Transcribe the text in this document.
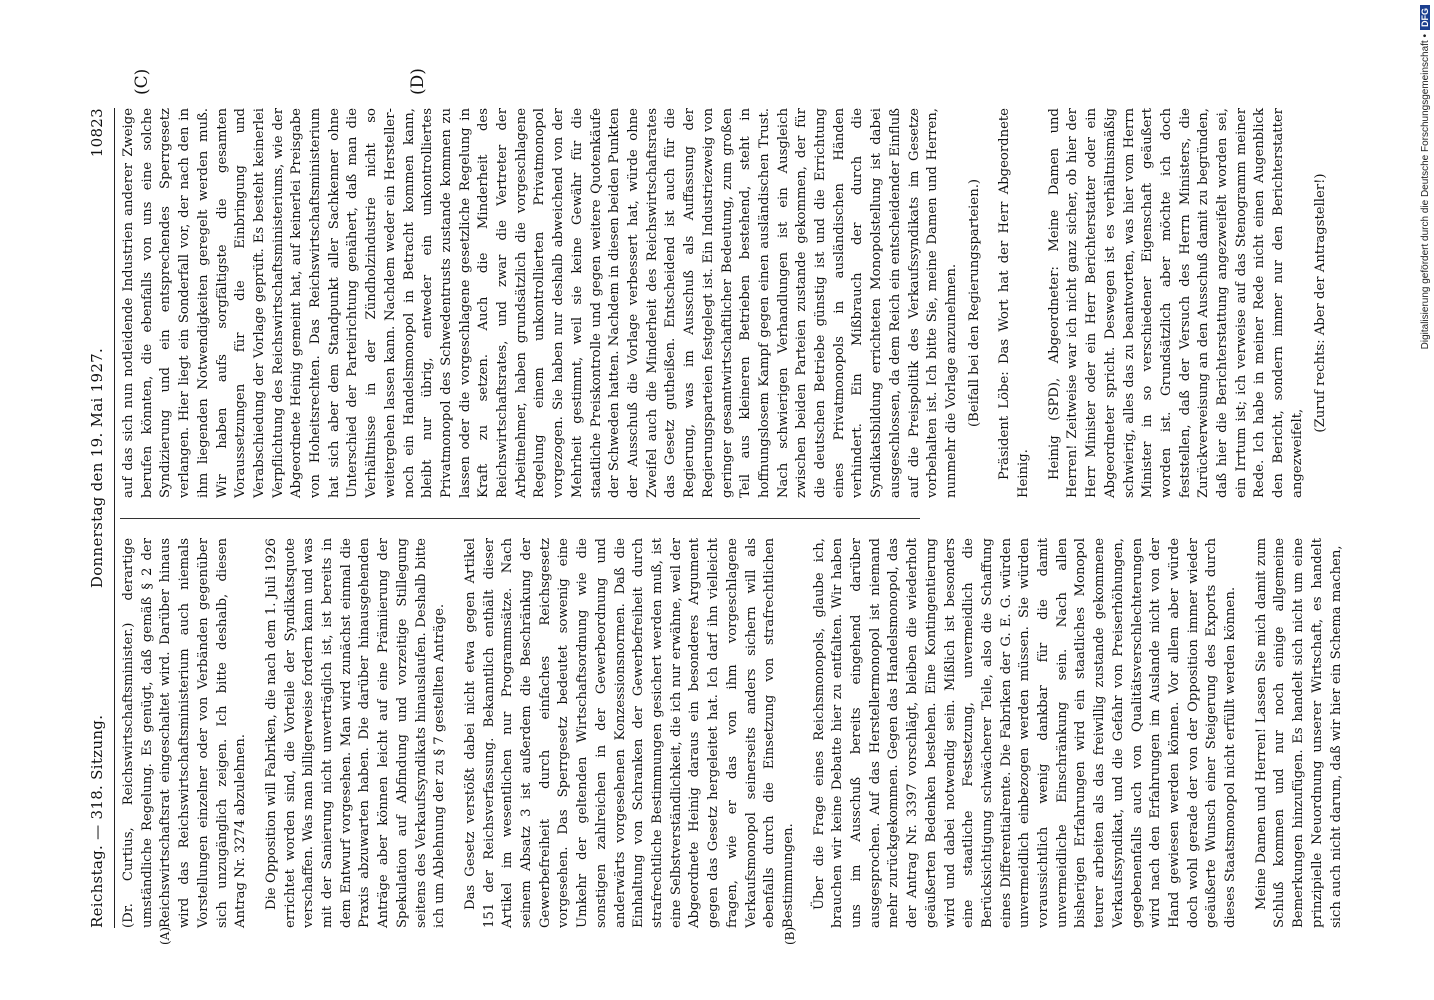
Reichstag. — 318. Sitzung.
Donnerstag den 19. Mai 1927.
10823
(A)	(B)
(C)	(D)

(Dr. Curtius, Reichswirtschaftsminister.) derartige umständliche Regelung. Es genügt, daß gemäß § 2 der Reichswirtschaftsrat eingeschaltet wird. Darüber hinaus wird das Reichswirtschaftsministerium auch niemals Vorstellungen einzelner oder von Verbänden gegenüber sich unzugänglich zeigen. Ich bitte deshalb, diesen Antrag Nr. 3274 abzulehnen. Die Opposition will Fabriken, die nach dem 1. Juli 1926 errichtet worden sind, die Vorteile der Syndikatsquote verschaffen. Was man billigerweise fordern kann und was mit der Sanierung nicht unverträglich ist, ist bereits in dem Entwurf vorgesehen. Man wird zunächst einmal die Praxis abzuwarten haben. Die darüber hinausgehenden Anträge aber können leicht auf eine Prämiierung der Spekulation auf Abfindung und vorzeitige Stillegung seitens des Verkaufssyndikats hinauslaufen. Deshalb bitte ich um Ablehnung der zu § 7 gestellten Anträge. Das Gesetz verstößt dabei nicht etwa gegen Artikel 151 der Reichsverfassung. Bekanntlich enthält dieser Artikel im wesentlichen nur Programmsätze. Nach seinem Absatz 3 ist außerdem die Beschränkung der Gewerbefreiheit durch einfaches Reichsgesetz vorgesehen. Das Sperrgesetz bedeutet sowenig eine Umkehr der geltenden Wirtschaftsordnung wie die sonstigen zahlreichen in der Gewerbeordnung und anderwärts vorgesehenen Konzessionsnormen. Daß die Einhaltung von Schranken der Gewerbefreiheit durch strafrechtliche Bestimmungen gesichert werden muß, ist eine Selbstverständlichkeit, die ich nur erwähne, weil der Abgeordnete Heinig daraus ein besonderes Argument gegen das Gesetz hergeleitet hat. Ich darf ihn vielleicht fragen, wie er das von ihm vorgeschlagene Verkaufsmonopol seinerseits anders sichern will als ebenfalls durch die Einsetzung von strafrechtlichen Bestimmungen. Über die Frage eines Reichsmonopols, glaube ich, brauchen wir keine Debatte hier zu entfalten. Wir haben uns im Ausschuß bereits eingehend darüber ausgesprochen. Auf das Herstellermonopol ist niemand mehr zurückgekommen. Gegen das Handelsmonopol, das der Antrag Nr. 3397 vorschlägt, bleiben die wiederholt geäußerten Bedenken bestehen. Eine Kontingentierung wird und dabei notwendig sein. Mißlich ist besonders eine staatliche Festsetzung, unvermeidlich die Berücksichtigung schwächerer Teile, also die Schaffung eines Differentialrente. Die Fabriken der G. E. G. würden unvermeidlich einbezogen werden müssen. Sie würden voraussichtlich wenig dankbar für die damit unvermeidliche Einschränkung sein. Nach allen bisherigen Erfahrungen wird ein staatliches Monopol teurer arbeiten als das freiwillig zustande gekommene Verkaufssyndikat, und die Gefahr von Preiserhöhungen, gegebenenfalls auch von Qualitätsverschlechterungen wird nach den Erfahrungen im Auslande nicht von der Hand gewiesen werden können. Vor allem aber würde doch wohl gerade der von der Opposition immer wieder geäußerte Wunsch einer Steigerung des Exports durch dieses Staatsmonopol nicht erfüllt werden können. Meine Damen und Herren! Lassen Sie mich damit zum Schluß kommen und nur noch einige allgemeine Bemerkungen hinzufügen. Es handelt sich nicht um eine prinzipielle Neuordnung unserer Wirtschaft, es handelt sich auch nicht darum, daß wir hier ein Schema machen,

auf das sich nun notleidende Industrien anderer Zweige berufen könnten, die ebenfalls von uns eine solche Syndizierung und ein entsprechendes Sperrgesetz verlangen. Hier liegt ein Sonderfall vor, der nach den in ihm liegenden Notwendigkeiten geregelt werden muß. Wir haben aufs sorgfältigste die gesamten Voraussetzungen für die Einbringung und Verabschiedung der Vorlage geprüft. Es besteht keinerlei Verpflichtung des Reichswirtschaftsministeriums, wie der Abgeordnete Heinig gemeint hat, auf keinerlei Preisgabe von Hoheitsrechten. Das Reichswirtschaftsministerium hat sich aber dem Standpunkt aller Sachkenner ohne Unterschied der Parteirichtung genähert, daß man die Verhältnisse in der Zündholzindustrie nicht so weitergehen lassen kann. Nachdem weder ein Hersteller- noch ein Handelsmonopol in Betracht kommen kann, bleibt nur übrig, entweder ein unkontrolliertes Privatmonopol des Schwedentrusts zustande kommen zu lassen oder die vorgeschlagene gesetzliche Regelung in Kraft zu setzen. Auch die Minderheit des Reichswirtschaftsrates, und zwar die Vertreter der Arbeitnehmer, haben grundsätzlich die vorgeschlagene Regelung einem unkontrollierten Privatmonopol vorgezogen. Sie haben nur deshalb abweichend von der Mehrheit gestimmt, weil sie keine Gewähr für die staatliche Preiskontrolle und gegen weitere Quotenkäufe der Schweden hatten. Nachdem in diesen beiden Punkten der Ausschuß die Vorlage verbessert hat, würde ohne Zweifel auch die Minderheit des Reichswirtschaftsrates das Gesetz gutheißen. Entscheidend ist auch für die Regierung, was im Ausschuß als Auffassung der Regierungsparteien festgelegt ist. Ein Industriezweig von geringer gesamtwirtschaftlicher Bedeutung, zum großen Teil aus kleineren Betrieben bestehend, steht in hoffnungslosem Kampf gegen einen ausländischen Trust. Nach schwierigen Verhandlungen ist ein Ausgleich zwischen beiden Parteien zustande gekommen, der für die deutschen Betriebe günstig ist und die Errichtung eines Privatmonopols in ausländischen Händen verhindert. Ein Mißbrauch der durch die Syndikatsbildung errichteten Monopolstellung ist dabei ausgeschlossen, da dem Reich ein entscheidender Einfluß auf die Preispolitik des Verkaufssyndikats im Gesetze vorbehalten ist. Ich bitte Sie, meine Damen und Herren, nunmehr die Vorlage anzunehmen. (Beifall bei den Regierungsparteien.) Präsident Löbe: Das Wort hat der Herr Abgeordnete Heinig. Heinig (SPD), Abgeordneter: Meine Damen und Herren! Zeitweise war ich nicht ganz sicher, ob hier der Herr Minister oder ein Herr Berichterstatter oder ein Abgeordneter spricht. Deswegen ist es verhältnismäßig schwierig, alles das zu beantworten, was hier vom Herrn Minister in so verschiedener Eigenschaft geäußert worden ist. Grundsätzlich aber möchte ich doch feststellen, daß der Versuch des Herrn Ministers, die Zurückverweisung an den Ausschuß damit zu begründen, daß hier die Berichterstattung angezweifelt worden sei, ein Irrtum ist; ich verweise auf das Stenogramm meiner Rede. Ich habe in meiner Rede nicht einen Augenblick den Bericht, sondern immer nur den Berichterstatter angezweifelt,

(Zuruf rechts: Aber der Antragsteller!)	Digitalisierung gefördert durch die Deutsche Forschungsgemeinschaft •DFG
